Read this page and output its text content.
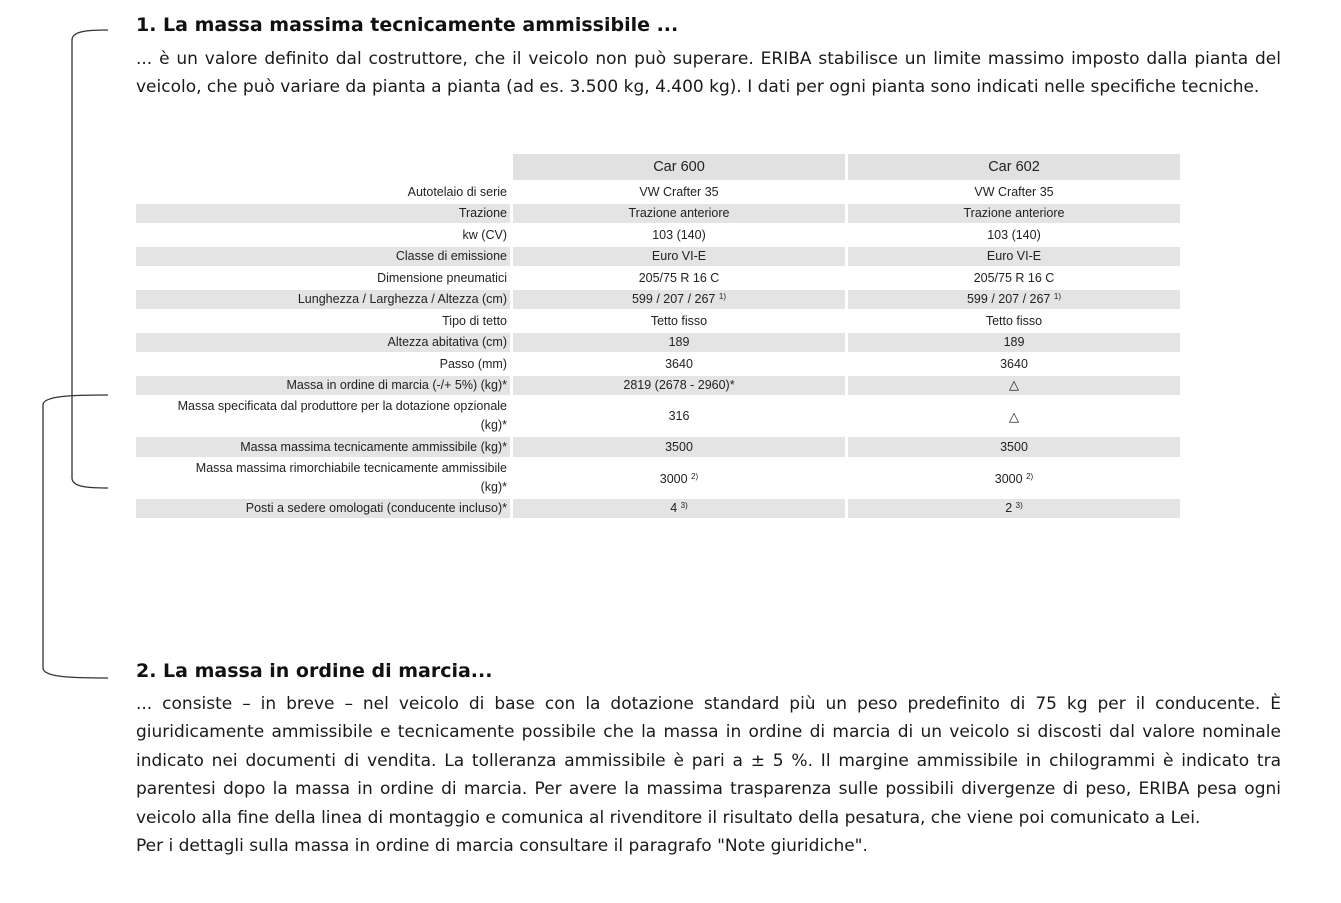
1. La massa massima tecnicamente ammissibile ...

... è un valore definito dal costruttore, che il veicolo non può superare. ERIBA stabilisce un limite massimo imposto dalla pianta del veicolo, che può variare da pianta a pianta (ad es. 3.500 kg, 4.400 kg). I dati per ogni pianta sono indicati nelle specifiche tecniche.

	Car 600	Car 602
Autotelaio di serie	VW Crafter 35	VW Crafter 35
Trazione	Trazione anteriore	Trazione anteriore
kw (CV)	103 (140)	103 (140)
Classe di emissione	Euro VI-E	Euro VI-E
Dimensione pneumatici	205/75 R 16 C	205/75 R 16 C
Lunghezza / Larghezza / Altezza (cm)	599 / 207 / 267 $^{1)}$	599 / 207 / 267 $^{1)}$
Tipo di tetto	Tetto fisso	Tetto fisso
Altezza abitativa (cm)	189	189
Passo (mm)	3640	3640
Massa in ordine di marcia (-/+ 5%) (kg)*	2819 (2678 - 2960)*	△
Massa specificata dal produttore per la dotazione opzionale
(kg)*	316	△
Massa massima tecnicamente ammissibile (kg)*	3500	3500
Massa massima rimorchiabile tecnicamente ammissibile
(kg)*	3000 $^{2)}$	3000 $^{2)}$
Posti a sedere omologati (conducente incluso)*	4 $^{3)}$	2 $^{3)}$
2. La massa in ordine di marcia...

... consiste – in breve – nel veicolo di base con la dotazione standard più un peso predefinito di 75 kg per il conducente. È giuridicamente ammissibile e tecnicamente possibile che la massa in ordine di marcia di un veicolo si discosti dal valore nominale indicato nei documenti di vendita. La tolleranza ammissibile è pari a ± 5 %. Il margine ammissibile in chilogrammi è indicato tra parentesi dopo la massa in ordine di marcia. Per avere la massima trasparenza sulle possibili divergenze di peso, ERIBA pesa ogni veicolo alla fine della linea di montaggio e comunica al rivenditore il risultato della pesatura, che viene poi comunicato a Lei.

Per i dettagli sulla massa in ordine di marcia consultare il paragrafo "Note giuridiche".
